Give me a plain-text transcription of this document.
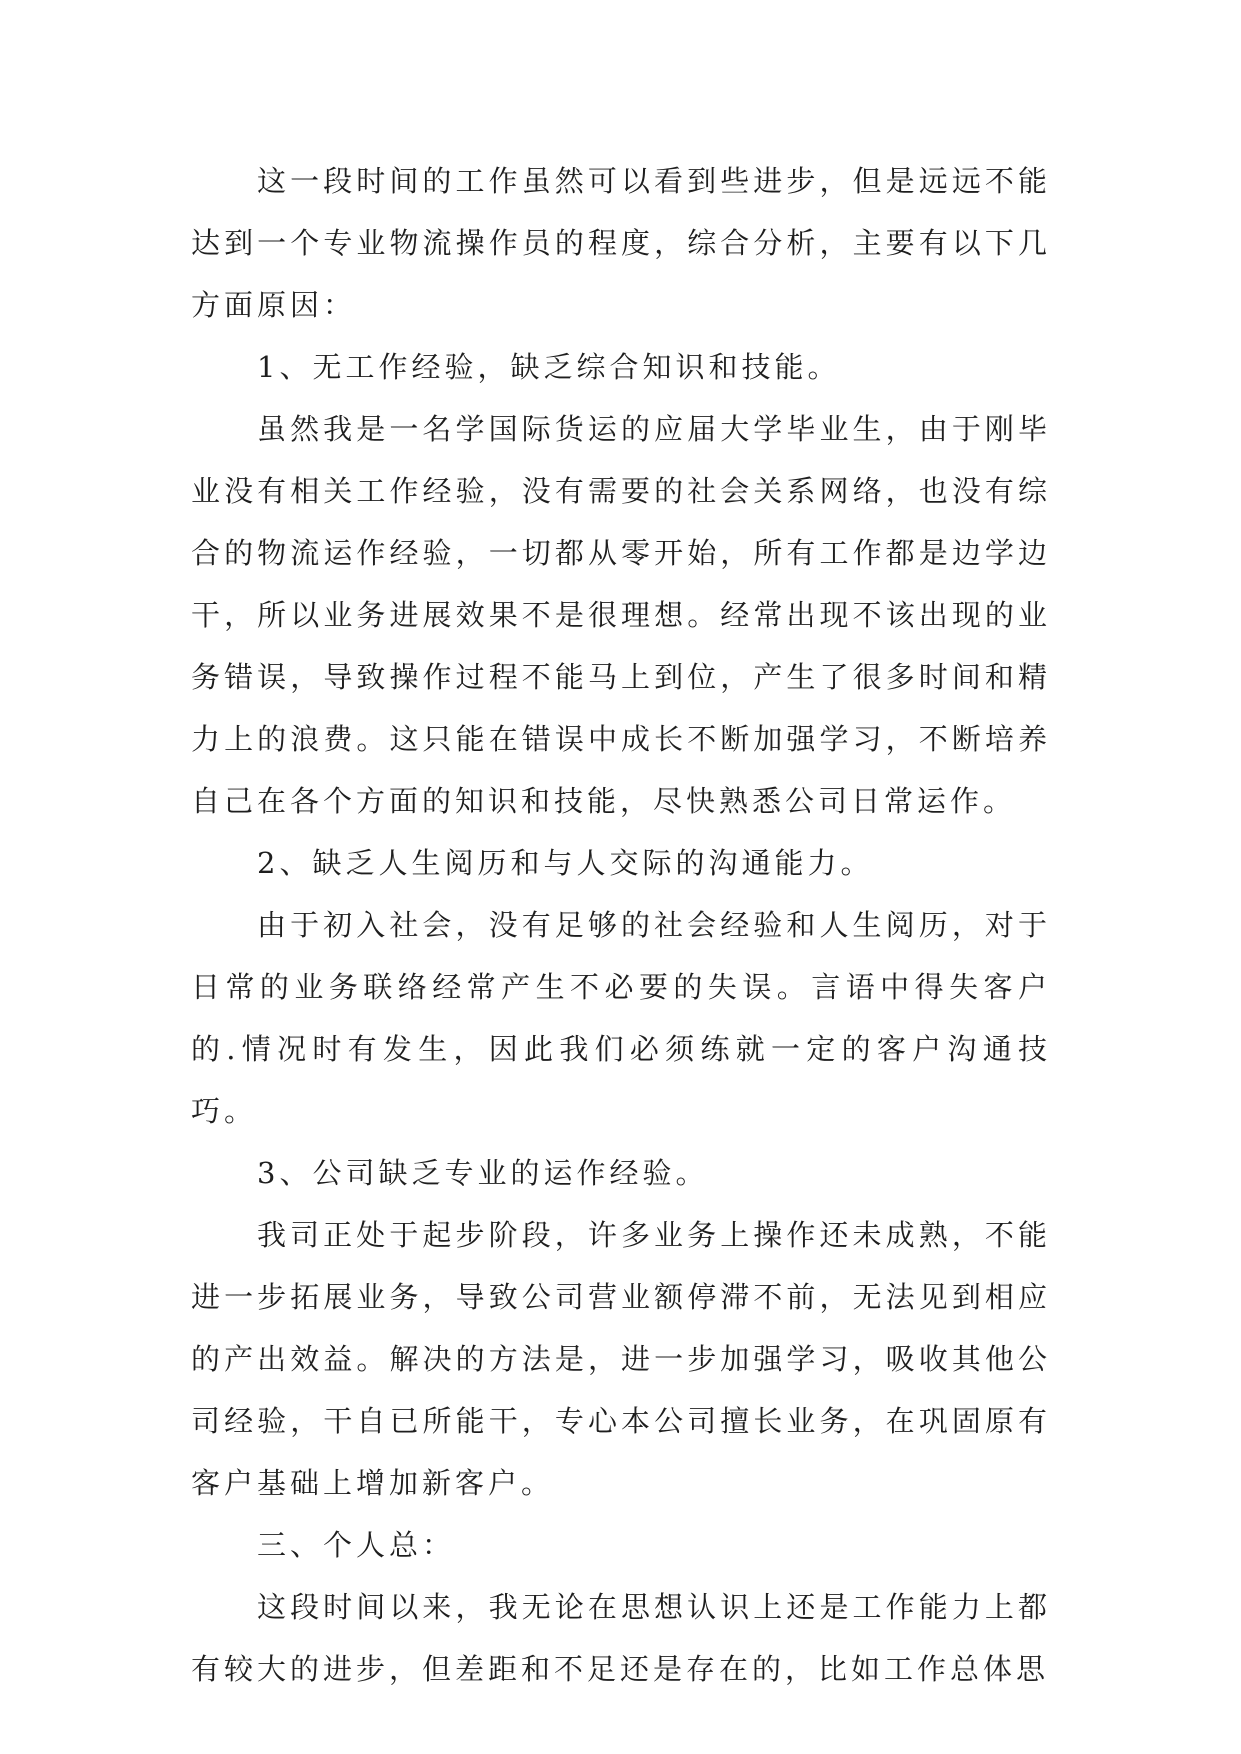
这一段时间的工作虽然可以看到些进步，但是远远不能达到一个专业物流操作员的程度，综合分析，主要有以下几方面原因：

1、无工作经验，缺乏综合知识和技能。

虽然我是一名学国际货运的应届大学毕业生，由于刚毕业没有相关工作经验，没有需要的社会关系网络，也没有综合的物流运作经验，一切都从零开始，所有工作都是边学边干，所以业务进展效果不是很理想。经常出现不该出现的业务错误，导致操作过程不能马上到位，产生了很多时间和精力上的浪费。这只能在错误中成长不断加强学习，不断培养自己在各个方面的知识和技能，尽快熟悉公司日常运作。

2、缺乏人生阅历和与人交际的沟通能力。

由于初入社会，没有足够的社会经验和人生阅历，对于日常的业务联络经常产生不必要的失误。言语中得失客户的.情况时有发生，因此我们必须练就一定的客户沟通技巧。

3、公司缺乏专业的运作经验。

我司正处于起步阶段，许多业务上操作还未成熟，不能进一步拓展业务，导致公司营业额停滞不前，无法见到相应的产出效益。解决的方法是，进一步加强学习，吸收其他公司经验，干自已所能干，专心本公司擅长业务，在巩固原有客户基础上增加新客户。

三、个人总：

这段时间以来，我无论在思想认识上还是工作能力上都有较大的进步，但差距和不足还是存在的，比如工作总体思
